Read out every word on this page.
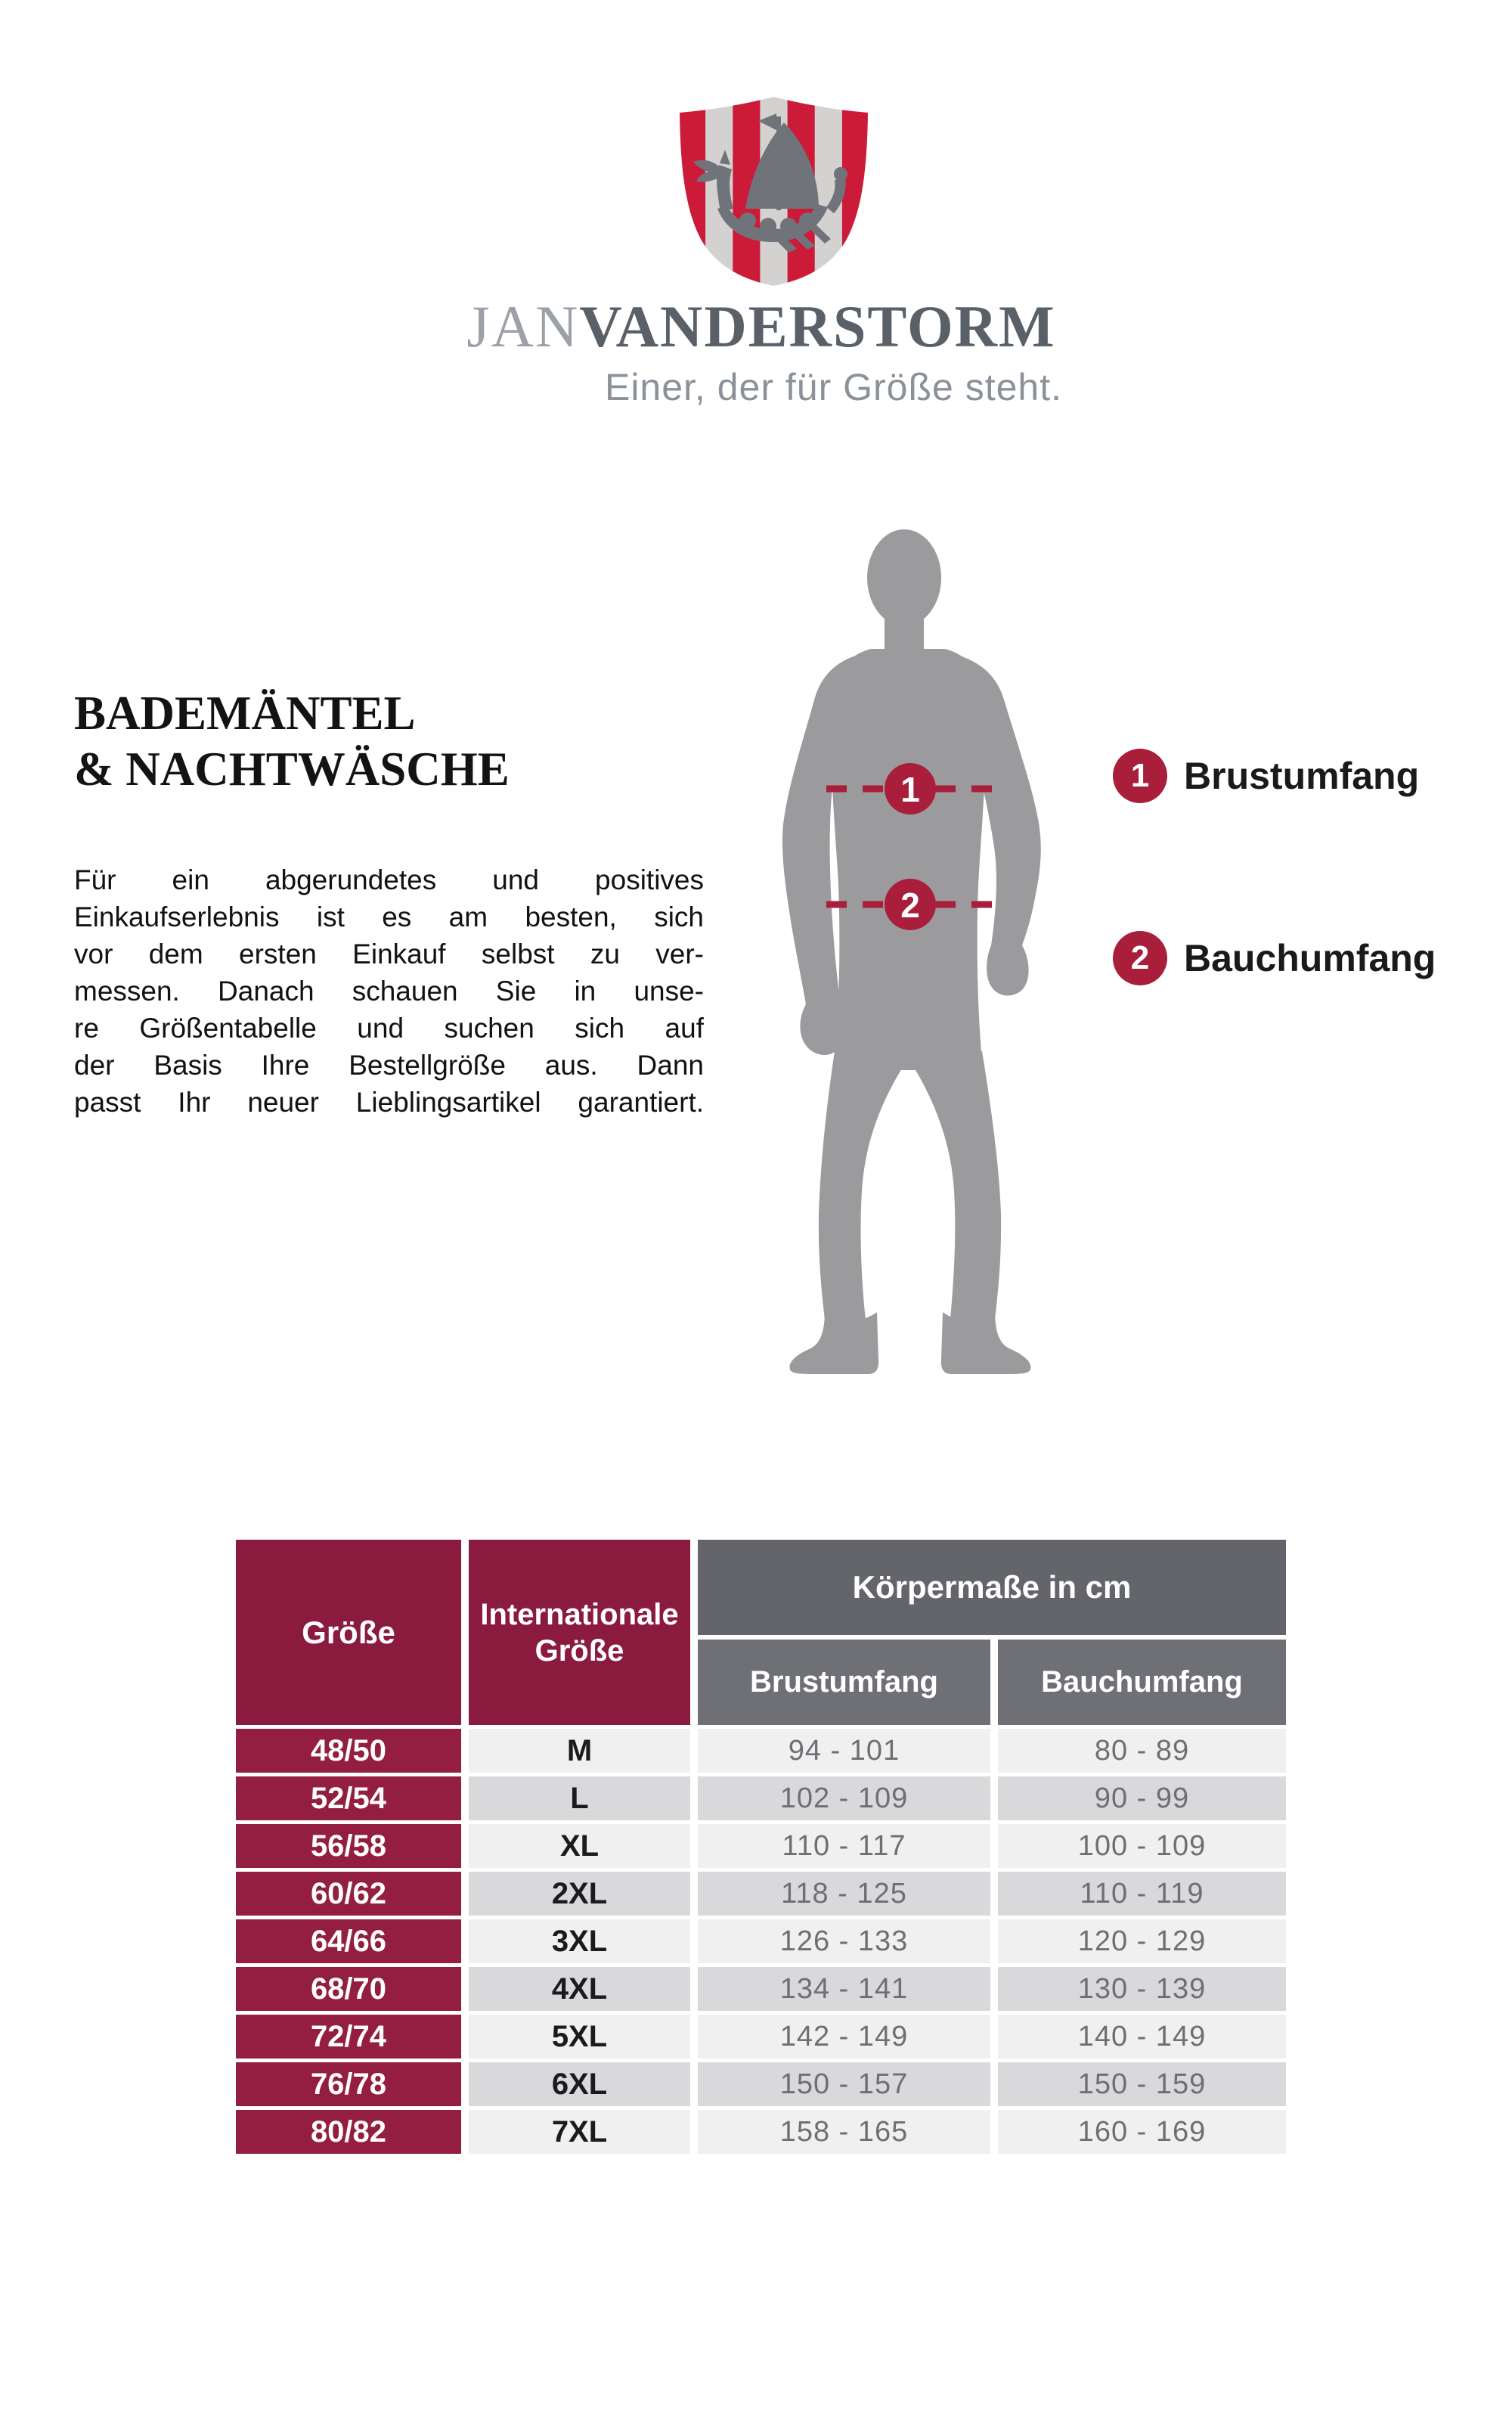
JANVANDERSTORM
Einer, der für Größe steht.
BADEMÄNTEL
& NACHTWÄSCHE
Für ein abgerundetes und positives
Einkaufserlebnis ist es am besten, sich
vor dem ersten Einkauf selbst zu ver-
messen. Danach schauen Sie in unse-
re Größentabelle und suchen sich auf
der Basis Ihre Bestellgröße aus. Dann
passt Ihr neuer Lieblingsartikel garantiert.
1
2
1 Brustumfang
2 Bauchumfang
Größe	Internationale Größe
Körpermaße in cm
Brustumfang	Bauchumfang
48/50	M	94 - 101	80 - 89
52/54	L	102 - 109	90 - 99
56/58	XL	110 - 117	100 - 109
60/62	2XL	118 - 125	110 - 119
64/66	3XL	126 - 133	120 - 129
68/70	4XL	134 - 141	130 - 139
72/74	5XL	142 - 149	140 - 149
76/78	6XL	150 - 157	150 - 159
80/82	7XL	158 - 165	160 - 169
